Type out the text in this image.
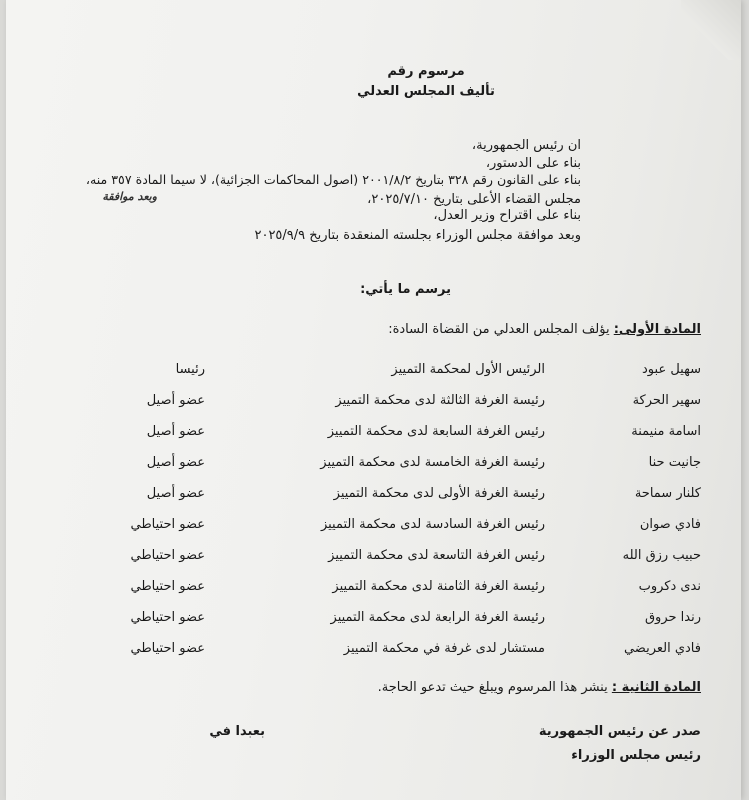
مرسوم رقم
تأليف المجلس العدلي
ان رئيس الجمهورية،
بناء على الدستور،
بناء على القانون رقم ٣٢٨ بتاريخ ٢٠٠١/٨/٢ (اصول المحاكمات الجزائية)، لا سيما المادة ٣٥٧ منه،
وبعد موافقة	مجلس القضاء الأعلى بتاريخ ٢٠٢٥/٧/١٠،
بناء على اقتراح وزير العدل،
وبعد موافقة مجلس الوزراء بجلسته المنعقدة بتاريخ ٢٠٢٥/٩/٩
يرسم ما يأتي:
المادة الأولى: يؤلف المجلس العدلي من القضاة السادة:
سهيل عبود
الرئيس الأول لمحكمة التمييز
رئيسا
سهير الحركة
رئيسة الغرفة الثالثة لدى محكمة التمييز
عضو أصيل
اسامة منيمنة
رئيس الغرفة السابعة لدى محكمة التمييز
عضو أصيل
جانيت حنا
رئيسة الغرفة الخامسة لدى محكمة التمييز
عضو أصيل
كلنار سماحة
رئيسة الغرفة الأولى لدى محكمة التمييز
عضو أصيل
فادي صوان
رئيس الغرفة السادسة لدى محكمة التمييز
عضو احتياطي
حبيب رزق الله
رئيس الغرفة التاسعة لدى محكمة التمييز
عضو احتياطي
ندى دكروب
رئيسة الغرفة الثامنة لدى محكمة التمييز
عضو احتياطي
رندا حروق
رئيسة الغرفة الرابعة لدى محكمة التمييز
عضو احتياطي
فادي العريضي
مستشار لدى غرفة في محكمة التمييز
عضو احتياطي
المادة الثانية : ينشر هذا المرسوم ويبلغ حيث تدعو الحاجة.
صدر عن رئيس الجمهورية
بعبدا في
رئيس مجلس الوزراء
